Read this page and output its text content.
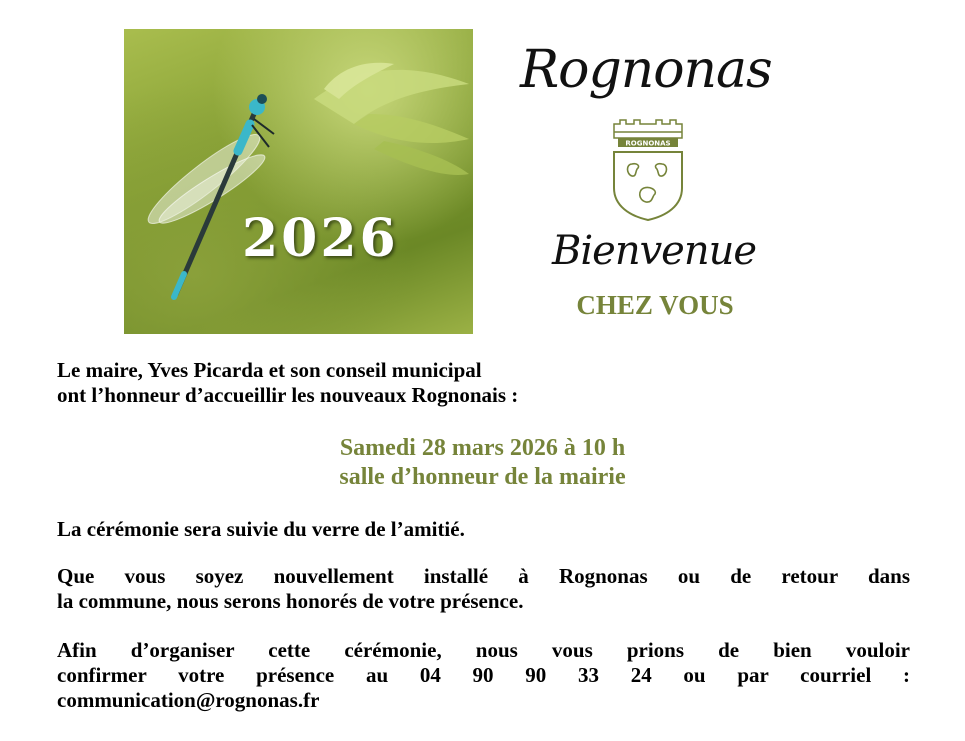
2026
Rognonas
ROGNONAS
Bienvenue
CHEZ VOUS
Le maire, Yves Picarda et son conseil municipal
ont l’honneur d’accueillir les nouveaux Rognonais :
Samedi 28 mars 2026 à 10 h
salle d’honneur de la mairie
La cérémonie sera suivie du verre de l’amitié.
Que vous soyez nouvellement installé à Rognonas ou de retour dans
la commune, nous serons honorés de votre présence.
Afin d’organiser cette cérémonie, nous vous prions de bien vouloir
confirmer votre présence au 04 90 90 33 24 ou par courriel :
communication@rognonas.fr
